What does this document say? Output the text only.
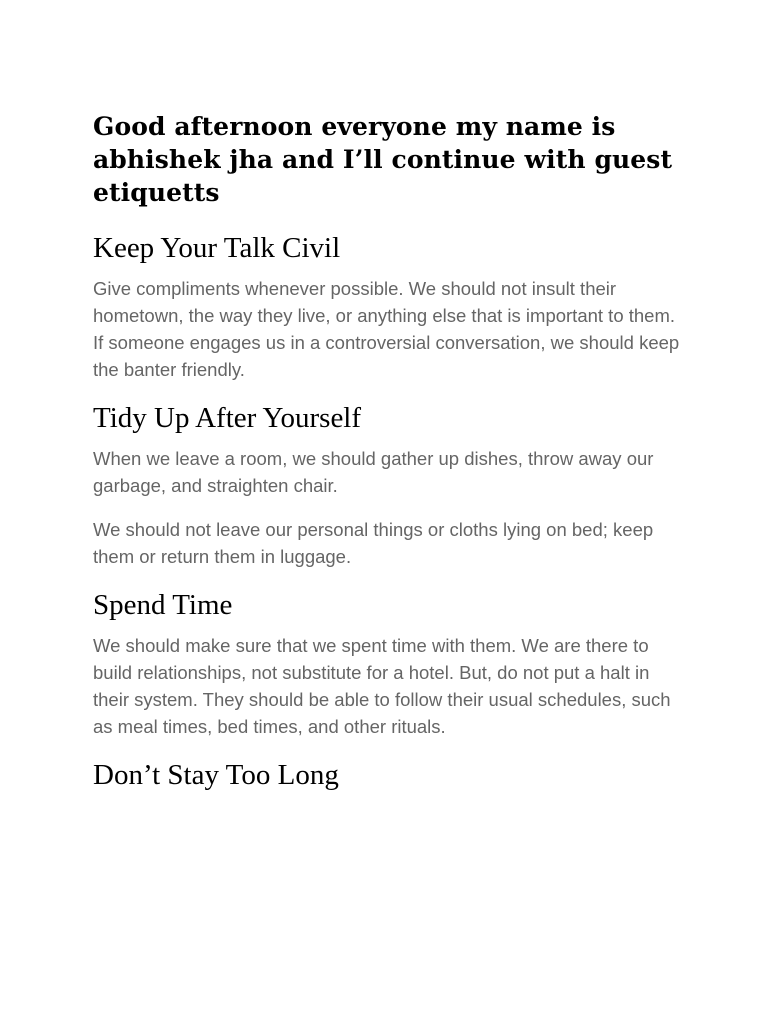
Good afternoon everyone my name is abhishek jha and I’ll continue with guest etiquetts

Keep Your Talk Civil

Give compliments whenever possible. We should not insult their hometown, the way they live, or anything else that is important to them. If someone engages us in a controversial conversation, we should keep the banter friendly.

Tidy Up After Yourself

When we leave a room, we should gather up dishes, throw away our garbage, and straighten chair.

We should not leave our personal things or cloths lying on bed; keep them or return them in luggage.

Spend Time

We should make sure that we spent time with them. We are there to build relationships, not substitute for a hotel. But, do not put a halt in their system. They should be able to follow their usual schedules, such as meal times, bed times, and other rituals.

Don’t Stay Too Long
